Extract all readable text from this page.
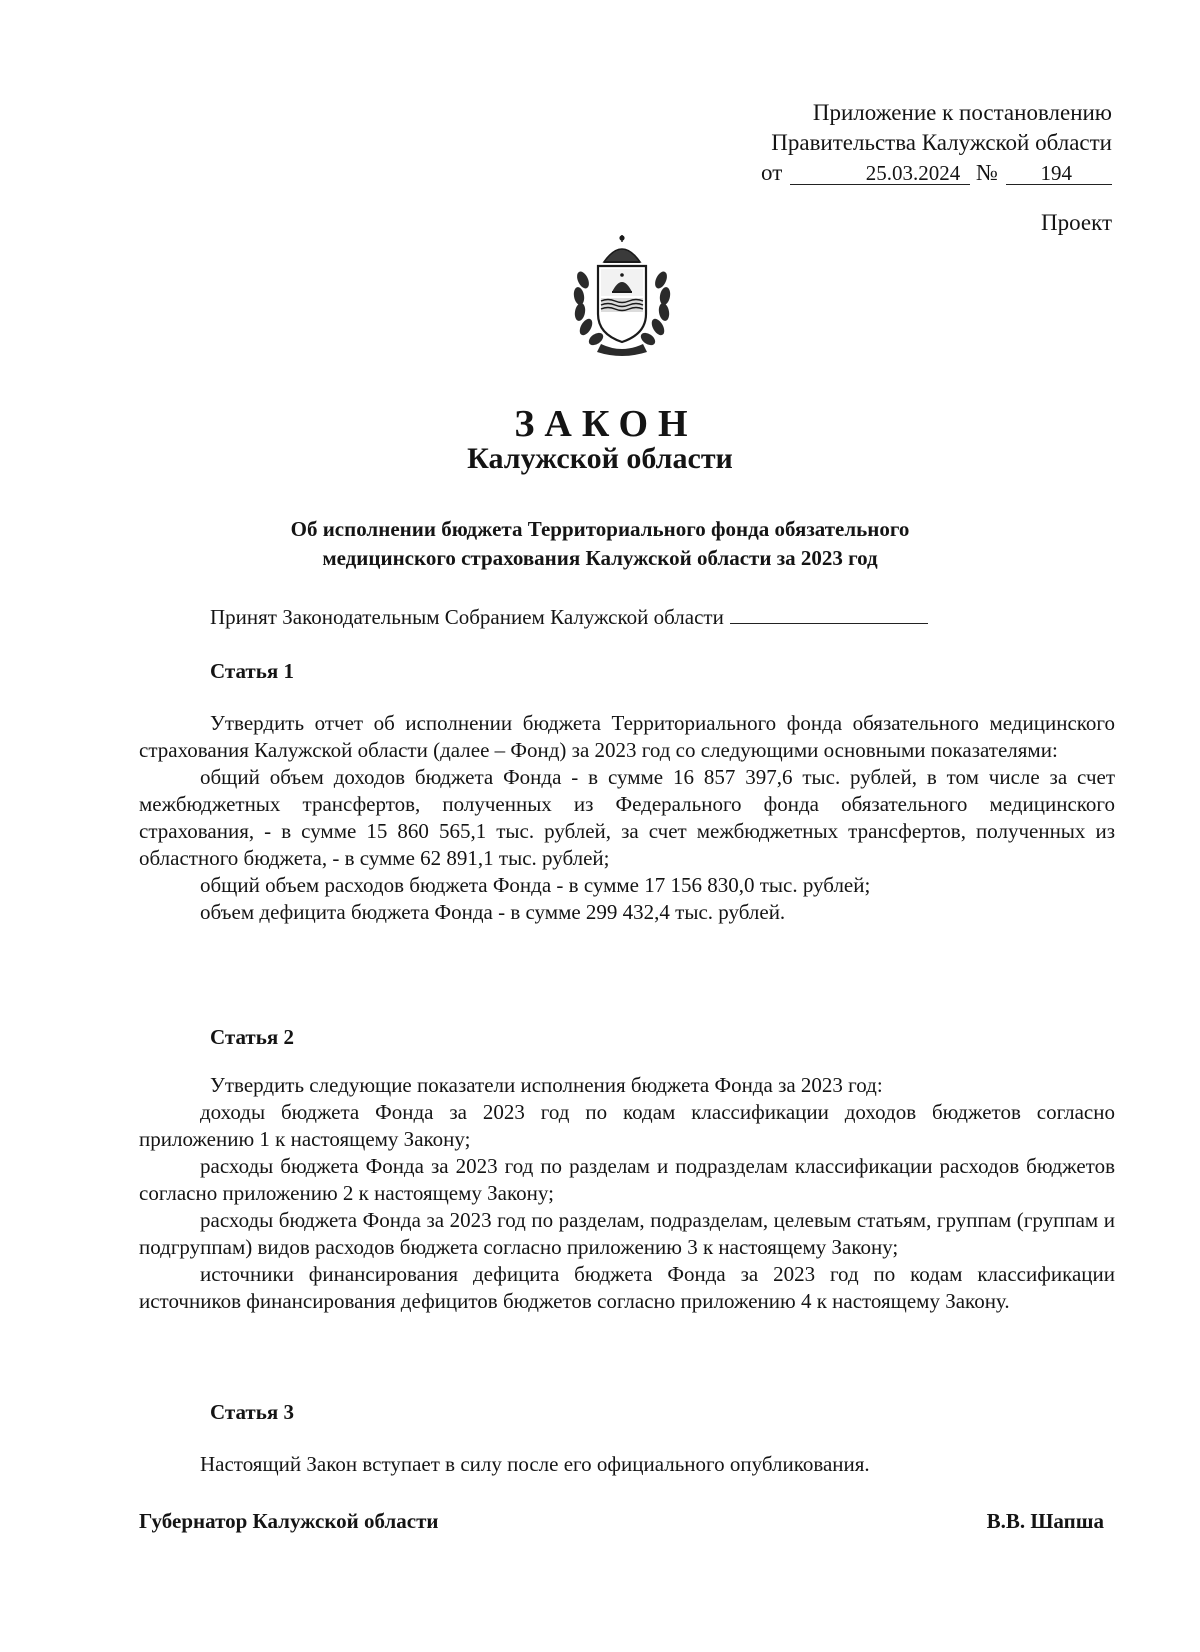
Приложение к постановлению
Правительства Калужской области
от	25.03.2024 № 194
Проект
ЗАКОН
Калужской области
Об исполнении бюджета Территориального фонда обязательного
медицинского страхования Калужской области за 2023 год
Принят Законодательным Собранием Калужской области
Статья 1

Утвердить отчет об исполнении бюджета Территориального фонда обязательного медицинского страхования Калужской области (далее – Фонд) за 2023 год со следующими основными показателями:

общий объем доходов бюджета Фонда - в сумме 16 857 397,6 тыс. рублей, в том числе за счет межбюджетных трансфертов, полученных из Федерального фонда обязательного медицинского страхования, - в сумме 15 860 565,1 тыс. рублей, за счет межбюджетных трансфертов, полученных из областного бюджета, - в сумме 62 891,1 тыс. рублей;

общий объем расходов бюджета Фонда - в сумме 17 156 830,0 тыс. рублей;

объем дефицита бюджета Фонда - в сумме 299 432,4 тыс. рублей.

Статья 2

Утвердить следующие показатели исполнения бюджета Фонда за 2023 год:

доходы бюджета Фонда за 2023 год по кодам классификации доходов бюджетов согласно приложению 1 к настоящему Закону;

расходы бюджета Фонда за 2023 год по разделам и подразделам классификации расходов бюджетов согласно приложению 2 к настоящему Закону;

расходы бюджета Фонда за 2023 год по разделам, подразделам, целевым статьям, группам (группам и подгруппам) видов расходов бюджета согласно приложению 3 к настоящему Закону;

источники финансирования дефицита бюджета Фонда за 2023 год по кодам классификации источников финансирования дефицитов бюджетов согласно приложению 4 к настоящему Закону.

Статья 3

Настоящий Закон вступает в силу после его официального опубликования.

Губернатор Калужской области	В.В. Шапша
